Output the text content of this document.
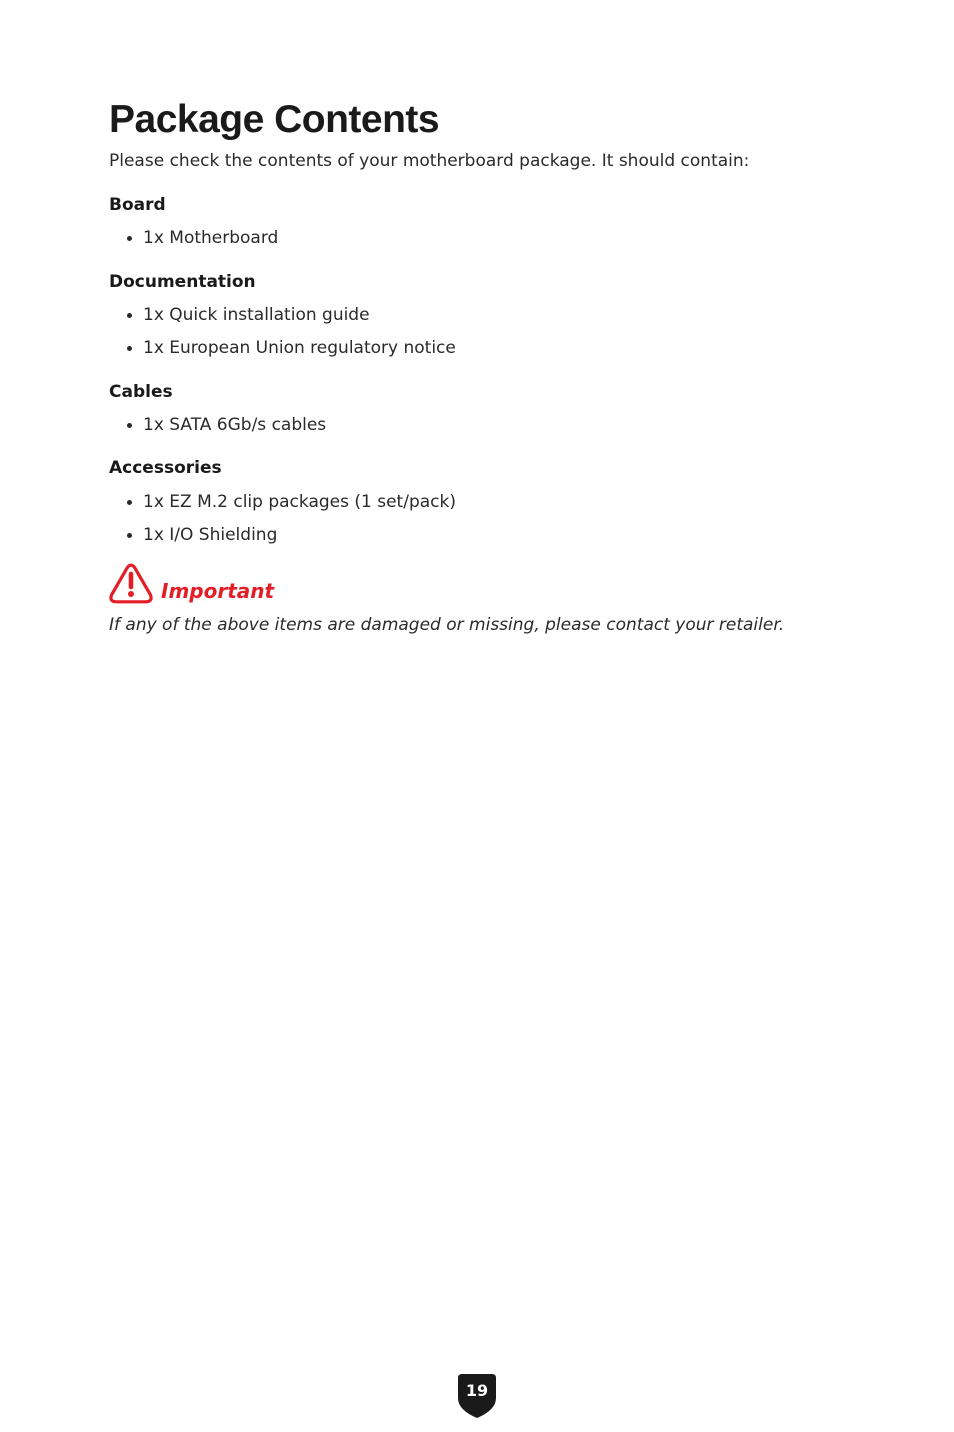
Package Contents

Please check the contents of your motherboard package. It should contain:

Board
1x Motherboard
Documentation
1x Quick installation guide
1x European Union regulatory notice
Cables
1x SATA 6Gb/s cables
Accessories
1x EZ M.2 clip packages (1 set/pack)
1x I/O Shielding
Important

If any of the above items are damaged or missing, please contact your retailer.

19
